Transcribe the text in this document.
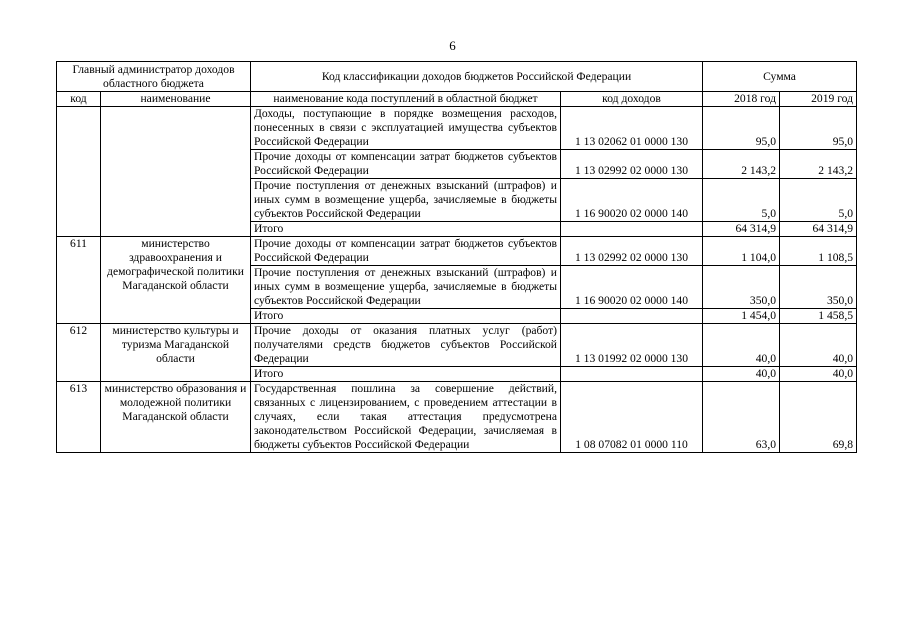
6
Главный администратор доходов областного бюджета		Код классификации доходов бюджетов Российской Федерации		Сумма	
код	наименование	наименование кода поступлений в областной бюджет	код доходов	2018 год	2019 год
		Доходы, поступающие в порядке возмещения расходов, понесенных в связи с эксплуатацией имущества субъектов Российской Федерации	1 13 02062 01 0000 130	95,0	95,0
		Прочие доходы от компенсации затрат бюджетов субъектов Российской Федерации	1 13 02992 02 0000 130	2 143,2	2 143,2
		Прочие поступления от денежных взысканий (штрафов) и иных сумм в возмещение ущерба, зачисляемые в бюджеты субъектов Российской Федерации	1 16 90020 02 0000 140	5,0	5,0
		Итого		64 314,9	64 314,9
611	министерство здравоохранения и демографической политики Магаданской области	Прочие доходы от компенсации затрат бюджетов субъектов Российской Федерации	1 13 02992 02 0000 130	1 104,0	1 108,5
		Прочие поступления от денежных взысканий (штрафов) и иных сумм в возмещение ущерба, зачисляемые в бюджеты субъектов Российской Федерации	1 16 90020 02 0000 140	350,0	350,0
		Итого		1 454,0	1 458,5
612	министерство культуры и туризма Магаданской области	Прочие доходы от оказания платных услуг (работ) получателями средств бюджетов субъектов Российской Федерации	1 13 01992 02 0000 130	40,0	40,0
		Итого		40,0	40,0
613	министерство образования и молодежной политики Магаданской области	Государственная пошлина за совершение действий, связанных с лицензированием, с проведением аттестации в случаях, если такая аттестация предусмотрена законодательством Российской Федерации, зачисляемая в бюджеты субъектов Российской Федерации	1 08 07082 01 0000 110	63,0	69,8
